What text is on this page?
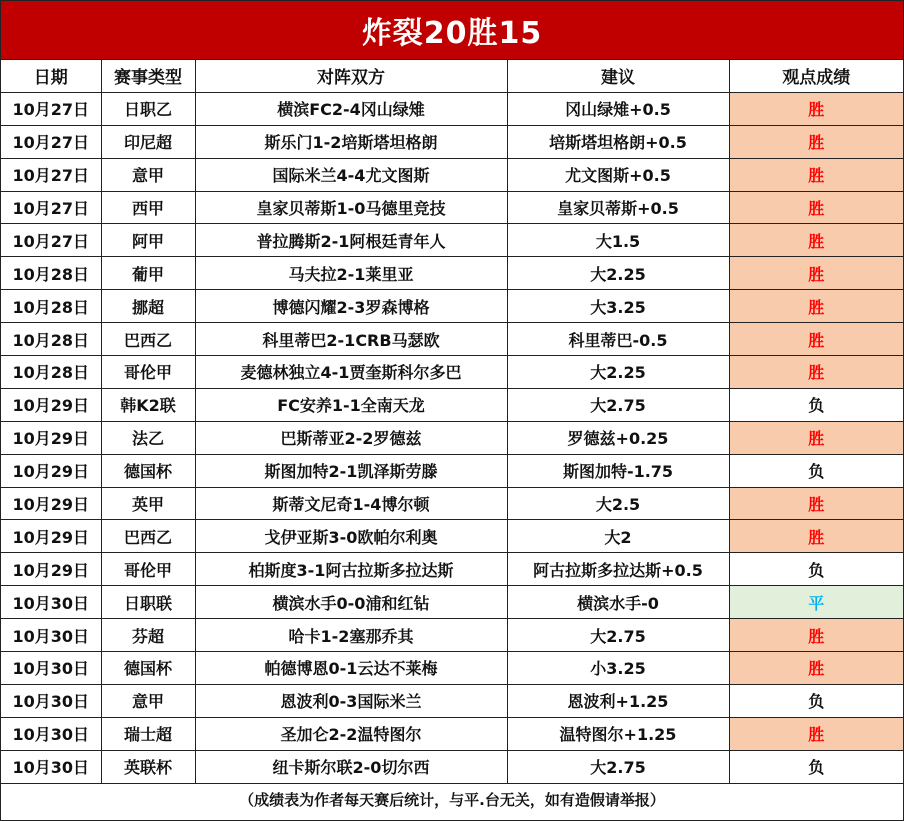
炸裂20胜15
日期	赛事类型	对阵双方	建议	观点成绩
10月27日	日职乙	横滨FC2-4冈山绿雉	冈山绿雉+0.5	胜
10月27日	印尼超	斯乐门1-2培斯塔坦格朗	培斯塔坦格朗+0.5	胜
10月27日	意甲	国际米兰4-4尤文图斯	尤文图斯+0.5	胜
10月27日	西甲	皇家贝蒂斯1-0马德里竞技	皇家贝蒂斯+0.5	胜
10月27日	阿甲	普拉腾斯2-1阿根廷青年人	大1.5	胜
10月28日	葡甲	马夫拉2-1莱里亚	大2.25	胜
10月28日	挪超	博德闪耀2-3罗森博格	大3.25	胜
10月28日	巴西乙	科里蒂巴2-1CRB马瑟欧	科里蒂巴-0.5	胜
10月28日	哥伦甲	麦德林独立4-1贾奎斯科尔多巴	大2.25	胜
10月29日	韩K2联	FC安养1-1全南天龙	大2.75	负
10月29日	法乙	巴斯蒂亚2-2罗德兹	罗德兹+0.25	胜
10月29日	德国杯	斯图加特2-1凯泽斯劳滕	斯图加特-1.75	负
10月29日	英甲	斯蒂文尼奇1-4博尔顿	大2.5	胜
10月29日	巴西乙	戈伊亚斯3-0欧帕尔利奥	大2	胜
10月29日	哥伦甲	柏斯度3-1阿古拉斯多拉达斯	阿古拉斯多拉达斯+0.5	负
10月30日	日职联	横滨水手0-0浦和红钻	横滨水手-0	平
10月30日	芬超	哈卡1-2塞那乔其	大2.75	胜
10月30日	德国杯	帕德博恩0-1云达不莱梅	小3.25	胜
10月30日	意甲	恩波利0-3国际米兰	恩波利+1.25	负
10月30日	瑞士超	圣加仑2-2温特图尔	温特图尔+1.25	胜
10月30日	英联杯	纽卡斯尔联2-0切尔西	大2.75	负
（成绩表为作者每天赛后统计，与平.台无关，如有造假请举报）
